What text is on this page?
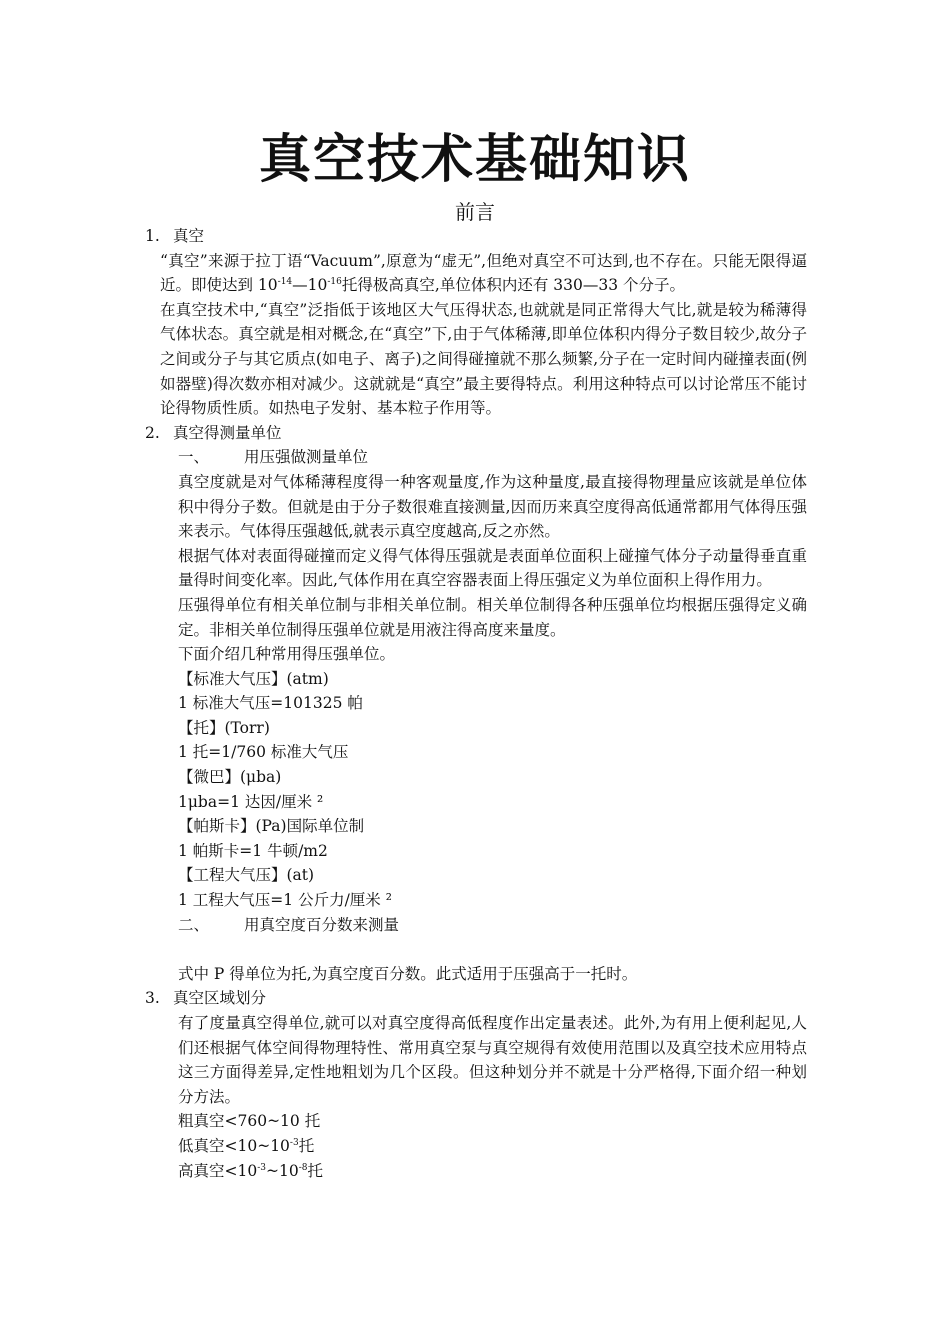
真空技术基础知识
前言
1. 真空

“真空”来源于拉丁语“Vacuum”,原意为“虚无”,但绝对真空不可达到,也不存在。只能无限得逼近。即使达到 $10^{-14}—10^{-16}$托得极高真空,单位体积内还有 330—33 个分子。

在真空技术中,“真空”泛指低于该地区大气压得状态,也就就是同正常得大气比,就是较为稀薄得气体状态。真空就是相对概念,在“真空”下,由于气体稀薄,即单位体积内得分子数目较少,故分子之间或分子与其它质点(如电子、离子)之间得碰撞就不那么频繁,分子在一定时间内碰撞表面(例如器壁)得次数亦相对减少。这就就是“真空”最主要得特点。利用这种特点可以讨论常压不能讨论得物质性质。如热电子发射、基本粒子作用等。

2. 真空得测量单位
一、 用压强做测量单位

真空度就是对气体稀薄程度得一种客观量度,作为这种量度,最直接得物理量应该就是单位体积中得分子数。但就是由于分子数很难直接测量,因而历来真空度得高低通常都用气体得压强来表示。气体得压强越低,就表示真空度越高,反之亦然。

根据气体对表面得碰撞而定义得气体得压强就是表面单位面积上碰撞气体分子动量得垂直重量得时间变化率。因此,气体作用在真空容器表面上得压强定义为单位面积上得作用力。

压强得单位有相关单位制与非相关单位制。相关单位制得各种压强单位均根据压强得定义确定。非相关单位制得压强单位就是用液注得高度来量度。

下面介绍几种常用得压强单位。
【标准大气压】(atm)
1 标准大气压=101325 帕
【托】(Torr)
1 托=1/760 标准大气压
【微巴】(μba)
1μba=1 达因/厘米 ²
【帕斯卡】(Pa)国际单位制
1 帕斯卡=1 牛顿/m2
【工程大气压】(at)
1 工程大气压=1 公斤力/厘米 ²
二、 用真空度百分数来测量
式中 P 得单位为托,为真空度百分数。此式适用于压强高于一托时。
3. 真空区域划分

有了度量真空得单位,就可以对真空度得高低程度作出定量表述。此外,为有用上便利起见,人们还根据气体空间得物理特性、常用真空泵与真空规得有效使用范围以及真空技术应用特点这三方面得差异,定性地粗划为几个区段。但这种划分并不就是十分严格得,下面介绍一种划分方法。

粗真空<760~10 托
低真空$<10\sim 10^{-3}$托
高真空$<10^{-3}\sim 10^{-8}$托
